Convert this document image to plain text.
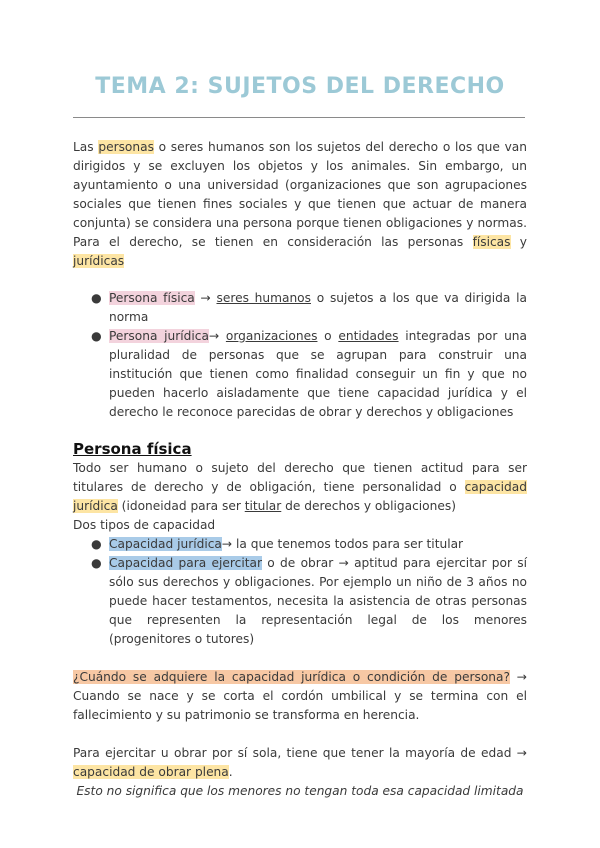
TEMA 2: SUJETOS DEL DERECHO

Las personas o seres humanos son los sujetos del derecho o los que van dirigidos y se excluyen los objetos y los animales. Sin embargo, un ayuntamiento o una universidad (organizaciones que son agrupaciones sociales que tienen fines sociales y que tienen que actuar de manera conjunta) se considera una persona porque tienen obligaciones y normas. Para el derecho, se tienen en consideración las personas físicas y jurídicas

● Persona física → seres humanos o sujetos a los que va dirigida la norma
● Persona jurídica→ organizaciones o entidades integradas por una pluralidad de personas que se agrupan para construir una institución que tienen como finalidad conseguir un fin y que no pueden hacerlo aisladamente que tiene capacidad jurídica y el derecho le reconoce parecidas de obrar y derechos y obligaciones
Persona física

Todo ser humano o sujeto del derecho que tienen actitud para ser titulares de derecho y de obligación, tiene personalidad o capacidad jurídica (idoneidad para ser titular de derechos y obligaciones)

Dos tipos de capacidad

● Capacidad jurídica→ la que tenemos todos para ser titular
● Capacidad para ejercitar o de obrar → aptitud para ejercitar por sí sólo sus derechos y obligaciones. Por ejemplo un niño de 3 años no puede hacer testamentos, necesita la asistencia de otras personas que representen la representación legal de los menores (progenitores o tutores)

¿Cuándo se adquiere la capacidad jurídica o condición de persona? → Cuando se nace y se corta el cordón umbilical y se termina con el fallecimiento y su patrimonio se transforma en herencia.

Para ejercitar u obrar por sí sola, tiene que tener la mayoría de edad → capacidad de obrar plena.

Esto no significa que los menores no tengan toda esa capacidad limitada
